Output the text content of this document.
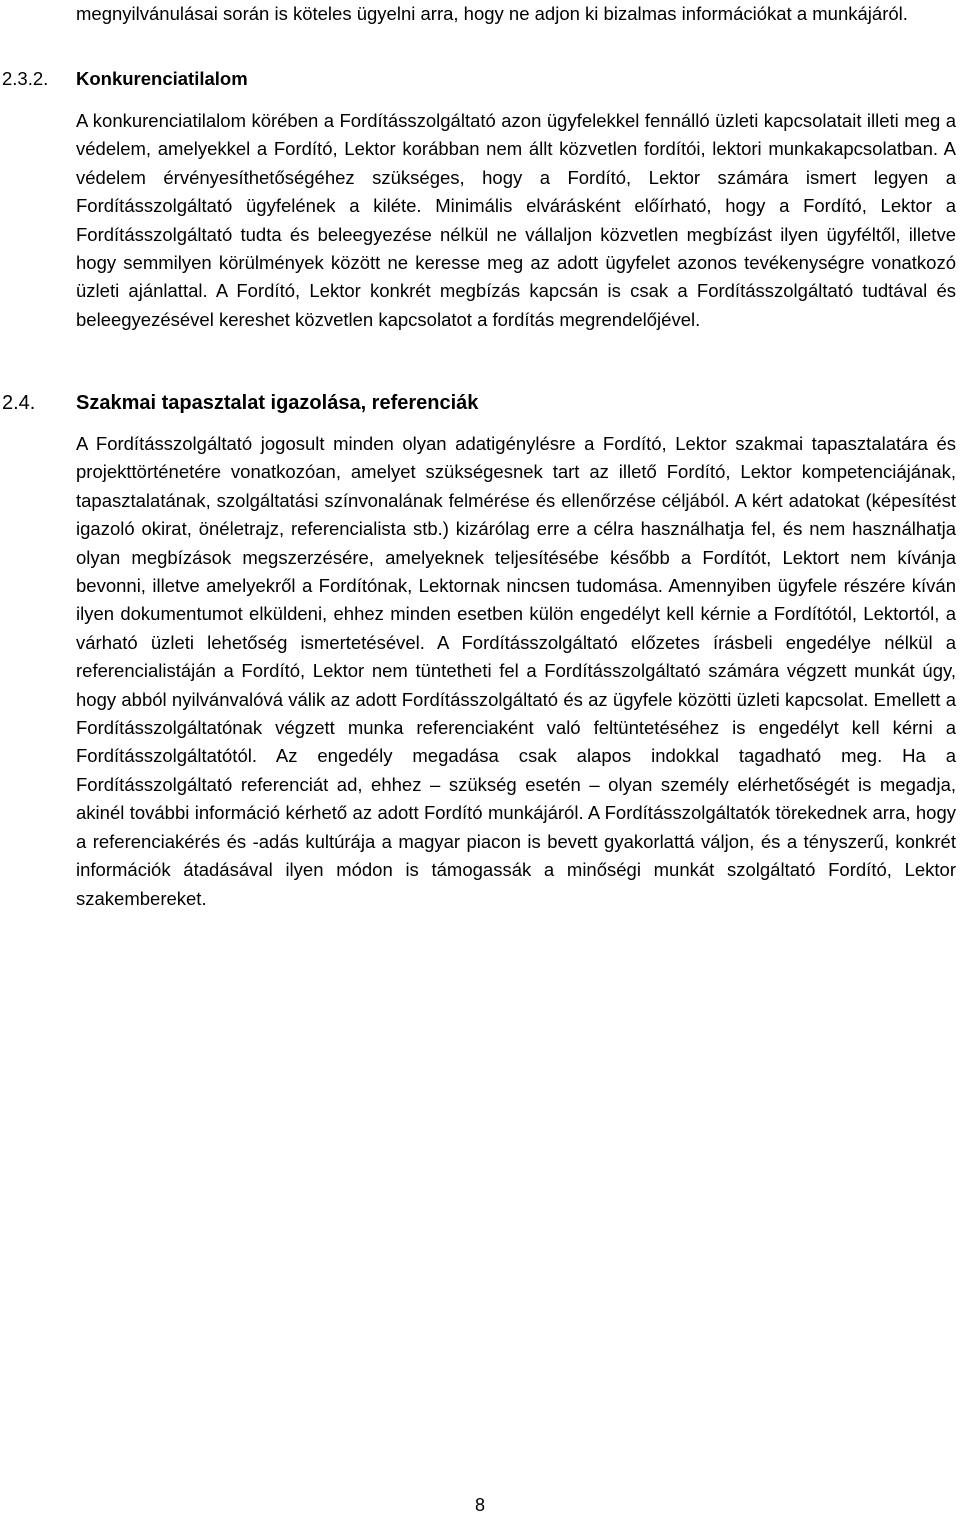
megnyilvánulásai során is köteles ügyelni arra, hogy ne adjon ki bizalmas információkat a munkájáról.
2.3.2. Konkurenciatilalom
A konkurenciatilalom körében a Fordításszolgáltató azon ügyfelekkel fennálló üzleti kapcsolatait illeti meg a védelem, amelyekkel a Fordító, Lektor korábban nem állt közvetlen fordítói, lektori munkakapcsolatban. A védelem érvényesíthetőségéhez szükséges, hogy a Fordító, Lektor számára ismert legyen a Fordításszolgáltató ügyfelének a kiléte. Minimális elvárásként előírható, hogy a Fordító, Lektor a Fordításszolgáltató tudta és beleegyezése nélkül ne vállaljon közvetlen megbízást ilyen ügyféltől, illetve hogy semmilyen körülmények között ne keresse meg az adott ügyfelet azonos tevékenységre vonatkozó üzleti ajánlattal. A Fordító, Lektor konkrét megbízás kapcsán is csak a Fordításszolgáltató tudtával és beleegyezésével kereshet közvetlen kapcsolatot a fordítás megrendelőjével.
2.4. Szakmai tapasztalat igazolása, referenciák
A Fordításszolgáltató jogosult minden olyan adatigénylésre a Fordító, Lektor szakmai tapasztalatára és projekttörténetére vonatkozóan, amelyet szükségesnek tart az illető Fordító, Lektor kompetenciájának, tapasztalatának, szolgáltatási színvonalának felmérése és ellenőrzése céljából. A kért adatokat (képesítést igazoló okirat, önéletrajz, referencialista stb.) kizárólag erre a célra használhatja fel, és nem használhatja olyan megbízások megszerzésére, amelyeknek teljesítésébe később a Fordítót, Lektort nem kívánja bevonni, illetve amelyekről a Fordítónak, Lektornak nincsen tudomása. Amennyiben ügyfele részére kíván ilyen dokumentumot elküldeni, ehhez minden esetben külön engedélyt kell kérnie a Fordítótól, Lektortól, a várható üzleti lehetőség ismertetésével. A Fordításszolgáltató előzetes írásbeli engedélye nélkül a referencialistáján a Fordító, Lektor nem tüntetheti fel a Fordításszolgáltató számára végzett munkát úgy, hogy abból nyilvánvalóvá válik az adott Fordításszolgáltató és az ügyfele közötti üzleti kapcsolat. Emellett a Fordításszolgáltatónak végzett munka referenciaként való feltüntetéséhez is engedélyt kell kérni a Fordításszolgáltatótól. Az engedély megadása csak alapos indokkal tagadható meg. Ha a Fordításszolgáltató referenciát ad, ehhez – szükség esetén – olyan személy elérhetőségét is megadja, akinél további információ kérhető az adott Fordító munkájáról. A Fordításszolgáltatók törekednek arra, hogy a referenciakérés és -adás kultúrája a magyar piacon is bevett gyakorlattá váljon, és a tényszerű, konkrét információk átadásával ilyen módon is támogassák a minőségi munkát szolgáltató Fordító, Lektor szakembereket.
8
